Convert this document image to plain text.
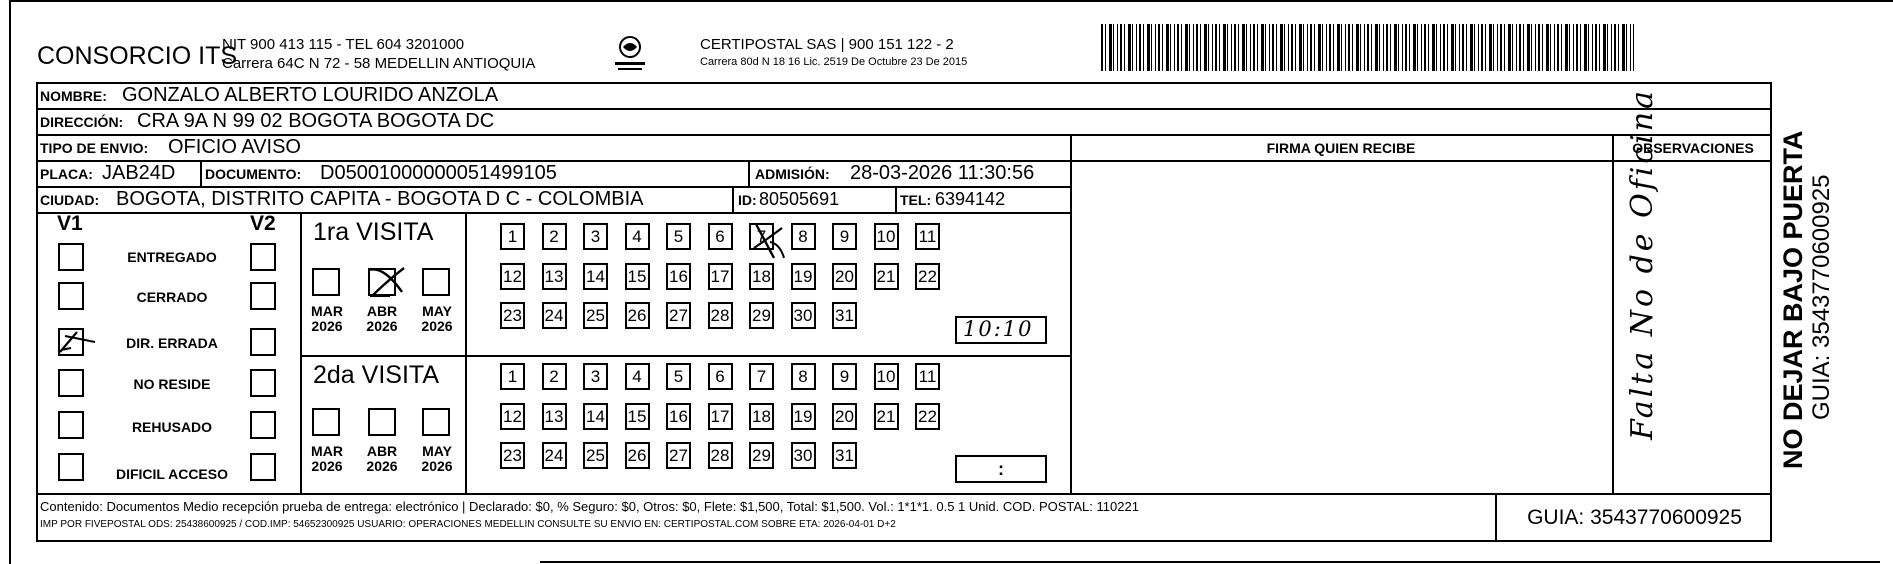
CONSORCIO ITS
NIT 900 413 115 - TEL 604 3201000
Carrera 64C N 72 - 58 MEDELLIN ANTIOQUIA
CERTIPOSTAL SAS | 900 151 122 - 2
Carrera 80d N 18 16 Lic. 2519 De Octubre 23 De 2015
NOMBRE: GONZALO ALBERTO LOURIDO ANZOLA
DIRECCIÓN: CRA 9A N 99 02 BOGOTA BOGOTA DC
TIPO DE ENVIO: OFICIO AVISO	FIRMA QUIEN RECIBE	OBSERVACIONES
PLACA: JAB24D DOCUMENTO: D05001000000051499105	ADMISIÓN: 28-03-2026 11:30:56
CIUDAD: BOGOTA, DISTRITO CAPITA - BOGOTA D C - COLOMBIA	ID: 80505691	TEL: 6394142
V1	V2
ENTREGADO
CERRADO
DIR. ERRADA
NO RESIDE
REHUSADO
DIFICIL ACCESO
1ra VISITA
MAR
2026
ABR
2026
MAY
2026
2da VISITA
MAR
2026
ABR
2026
MAY
2026
1	2	3	4	5	6	7	8	9	10 11
12 13 14 15 16 17 18 19 20 21 22
23 24 25 26 27 28 29 30 31
1	2	3	4	5	6	7	8	9	10 11
12 13 14 15 16 17 18 19 20 21 22
23 24 25 26 27 28 29 30 31
10:10
:
Falta No de Oficina
Contenido: Documentos Medio recepción prueba de entrega: electrónico | Declarado: $0, % Seguro: $0, Otros: $0, Flete: $1,500, Total: $1,500. Vol.: 1*1*1. 0.5 1 Unid. COD. POSTAL: 110221
IMP POR FIVEPOSTAL ODS: 25438600925 / COD.IMP: 54652300925 USUARIO: OPERACIONES MEDELLIN CONSULTE SU ENVIO EN: CERTIPOSTAL.COM SOBRE ETA: 2026-04-01 D+2	GUIA: 3543770600925
NO DEJAR BAJO PUERTA GUIA: 3543770600925
